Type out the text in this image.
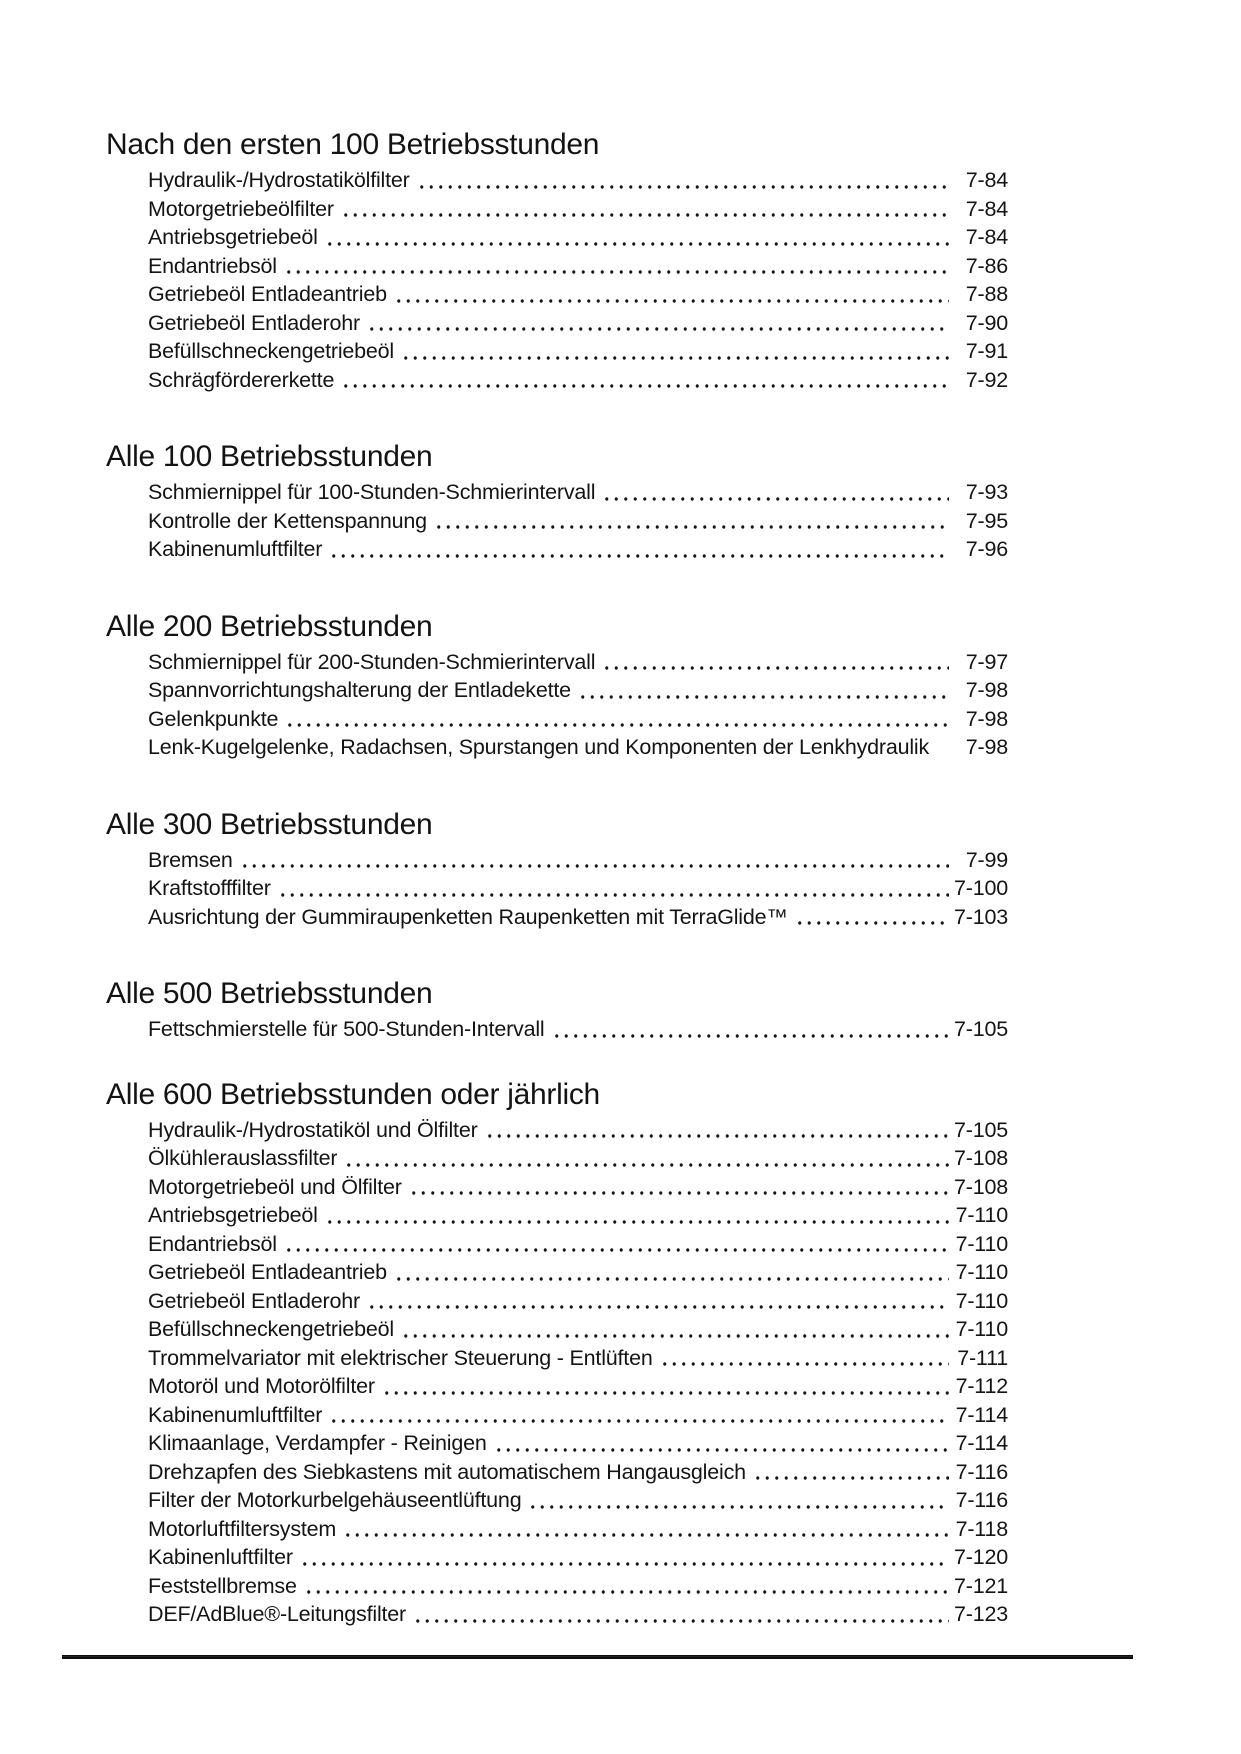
Nach den ersten 100 Betriebsstunden
Hydraulik-/Hydrostatikölfilter	7-84
Motorgetriebeölfilter	7-84
Antriebsgetriebeöl	7-84
Endantriebsöl	7-86
Getriebeöl Entladeantrieb	7-88
Getriebeöl Entladerohr	7-90
Befüllschneckengetriebeöl	7-91
Schrägfördererkette	7-92
Alle 100 Betriebsstunden
Schmiernippel für 100-Stunden-Schmierintervall	7-93
Kontrolle der Kettenspannung	7-95
Kabinenumluftfilter	7-96
Alle 200 Betriebsstunden
Schmiernippel für 200-Stunden-Schmierintervall	7-97
Spannvorrichtungshalterung der Entladekette	7-98
Gelenkpunkte	7-98
Lenk-Kugelgelenke, Radachsen, Spurstangen und Komponenten der Lenkhydraulik	7-98
Alle 300 Betriebsstunden
Bremsen	7-99
Kraftstofffilter	7-100
Ausrichtung der Gummiraupenketten Raupenketten mit TerraGlide™	7-103
Alle 500 Betriebsstunden
Fettschmierstelle für 500-Stunden-Intervall	7-105
Alle 600 Betriebsstunden oder jährlich
Hydraulik-/Hydrostatiköl und Ölfilter	7-105
Ölkühlerauslassfilter	7-108
Motorgetriebeöl und Ölfilter	7-108
Antriebsgetriebeöl	7-110
Endantriebsöl	7-110
Getriebeöl Entladeantrieb	7-110
Getriebeöl Entladerohr	7-110
Befüllschneckengetriebeöl	7-110
Trommelvariator mit elektrischer Steuerung - Entlüften	7-111
Motoröl und Motorölfilter	7-112
Kabinenumluftfilter	7-114
Klimaanlage, Verdampfer - Reinigen	7-114
Drehzapfen des Siebkastens mit automatischem Hangausgleich	7-116
Filter der Motorkurbelgehäuseentlüftung	7-116
Motorluftfiltersystem	7-118
Kabinenluftfilter	7-120
Feststellbremse	7-121
DEF/AdBlue®-Leitungsfilter	7-123
